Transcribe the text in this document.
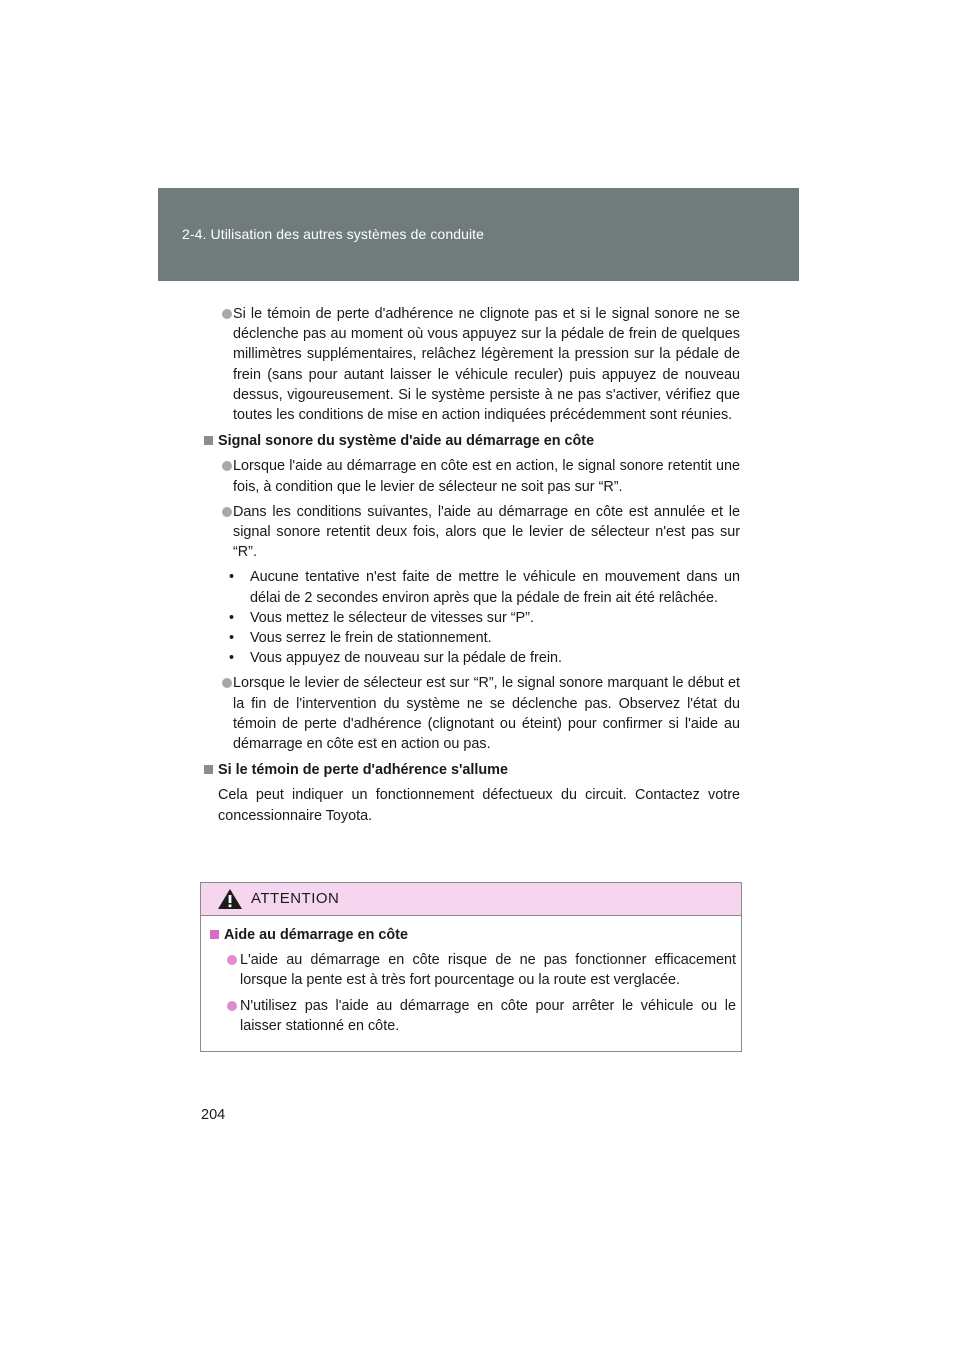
2-4. Utilisation des autres systèmes de conduite
Si le témoin de perte d'adhérence ne clignote pas et si le signal sonore ne se déclenche pas au moment où vous appuyez sur la pédale de frein de quelques millimètres supplémentaires, relâchez légèrement la pression sur la pédale de frein (sans pour autant laisser le véhicule reculer) puis appuyez de nouveau dessus, vigoureusement. Si le système persiste à ne pas s'activer, vérifiez que toutes les conditions de mise en action indiquées précédemment sont réunies.
Signal sonore du système d'aide au démarrage en côte
Lorsque l'aide au démarrage en côte est en action, le signal sonore retentit une fois, à condition que le levier de sélecteur ne soit pas sur “R”.
Dans les conditions suivantes, l'aide au démarrage en côte est annulée et le signal sonore retentit deux fois, alors que le levier de sélecteur n'est pas sur “R”.
• Aucune tentative n'est faite de mettre le véhicule en mouvement dans un délai de 2 secondes environ après que la pédale de frein ait été relâchée.
• Vous mettez le sélecteur de vitesses sur “P”.
• Vous serrez le frein de stationnement.
• Vous appuyez de nouveau sur la pédale de frein.
Lorsque le levier de sélecteur est sur “R”, le signal sonore marquant le début et la fin de l'intervention du système ne se déclenche pas. Observez l'état du témoin de perte d'adhérence (clignotant ou éteint) pour confirmer si l'aide au démarrage en côte est en action ou pas.
Si le témoin de perte d'adhérence s'allume
Cela peut indiquer un fonctionnement défectueux du circuit. Contactez votre concessionnaire Toyota.
ATTENTION
Aide au démarrage en côte
L'aide au démarrage en côte risque de ne pas fonctionner efficacement lorsque la pente est à très fort pourcentage ou la route est verglacée.
N'utilisez pas l'aide au démarrage en côte pour arrêter le véhicule ou le laisser stationné en côte.
204
